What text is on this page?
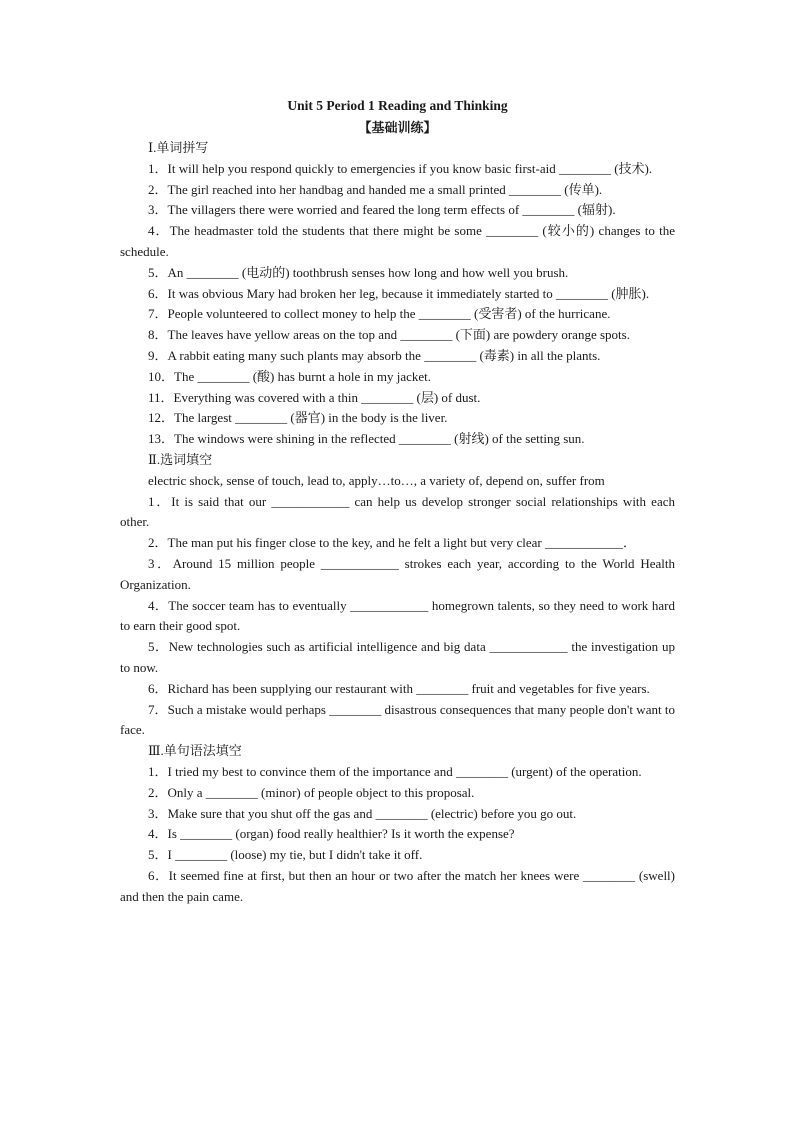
Unit 5 Period 1 Reading and Thinking
【基础训练】
Ⅰ.单词拼写
1．It will help you respond quickly to emergencies if you know basic first-aid ________ (技术).
2．The girl reached into her handbag and handed me a small printed ________ (传单).
3．The villagers there were worried and feared the long term effects of ________ (辐射).
4．The headmaster told the students that there might be some ________ (较小的) changes to the schedule.
5．An ________ (电动的) toothbrush senses how long and how well you brush.
6．It was obvious Mary had broken her leg, because it immediately started to ________ (肿胀).
7．People volunteered to collect money to help the ________ (受害者) of the hurricane.
8．The leaves have yellow areas on the top and ________ (下面) are powdery orange spots.
9．A rabbit eating many such plants may absorb the ________ (毒素) in all the plants.
10．The ________ (酸) has burnt a hole in my jacket.
11．Everything was covered with a thin ________ (层) of dust.
12．The largest ________ (器官) in the body is the liver.
13．The windows were shining in the reflected ________ (射线) of the setting sun.
Ⅱ.选词填空
electric shock, sense of touch, lead to, apply…to…, a variety of, depend on, suffer from
1．It is said that our ____________ can help us develop stronger social relationships with each other.
2．The man put his finger close to the key, and he felt a light but very clear ____________．
3．Around 15 million people ____________ strokes each year, according to the World Health Organization.
4．The soccer team has to eventually ____________ homegrown talents, so they need to work hard to earn their good spot.
5．New technologies such as artificial intelligence and big data ____________ the investigation up to now.
6．Richard has been supplying our restaurant with ________ fruit and vegetables for five years.
7．Such a mistake would perhaps ________ disastrous consequences that many people don't want to face.
Ⅲ.单句语法填空
1．I tried my best to convince them of the importance and ________ (urgent) of the operation.
2．Only a ________ (minor) of people object to this proposal.
3．Make sure that you shut off the gas and ________ (electric) before you go out.
4．Is ________ (organ) food really healthier? Is it worth the expense?
5．I ________ (loose) my tie, but I didn't take it off.
6．It seemed fine at first, but then an hour or two after the match her knees were ________ (swell) and then the pain came.
